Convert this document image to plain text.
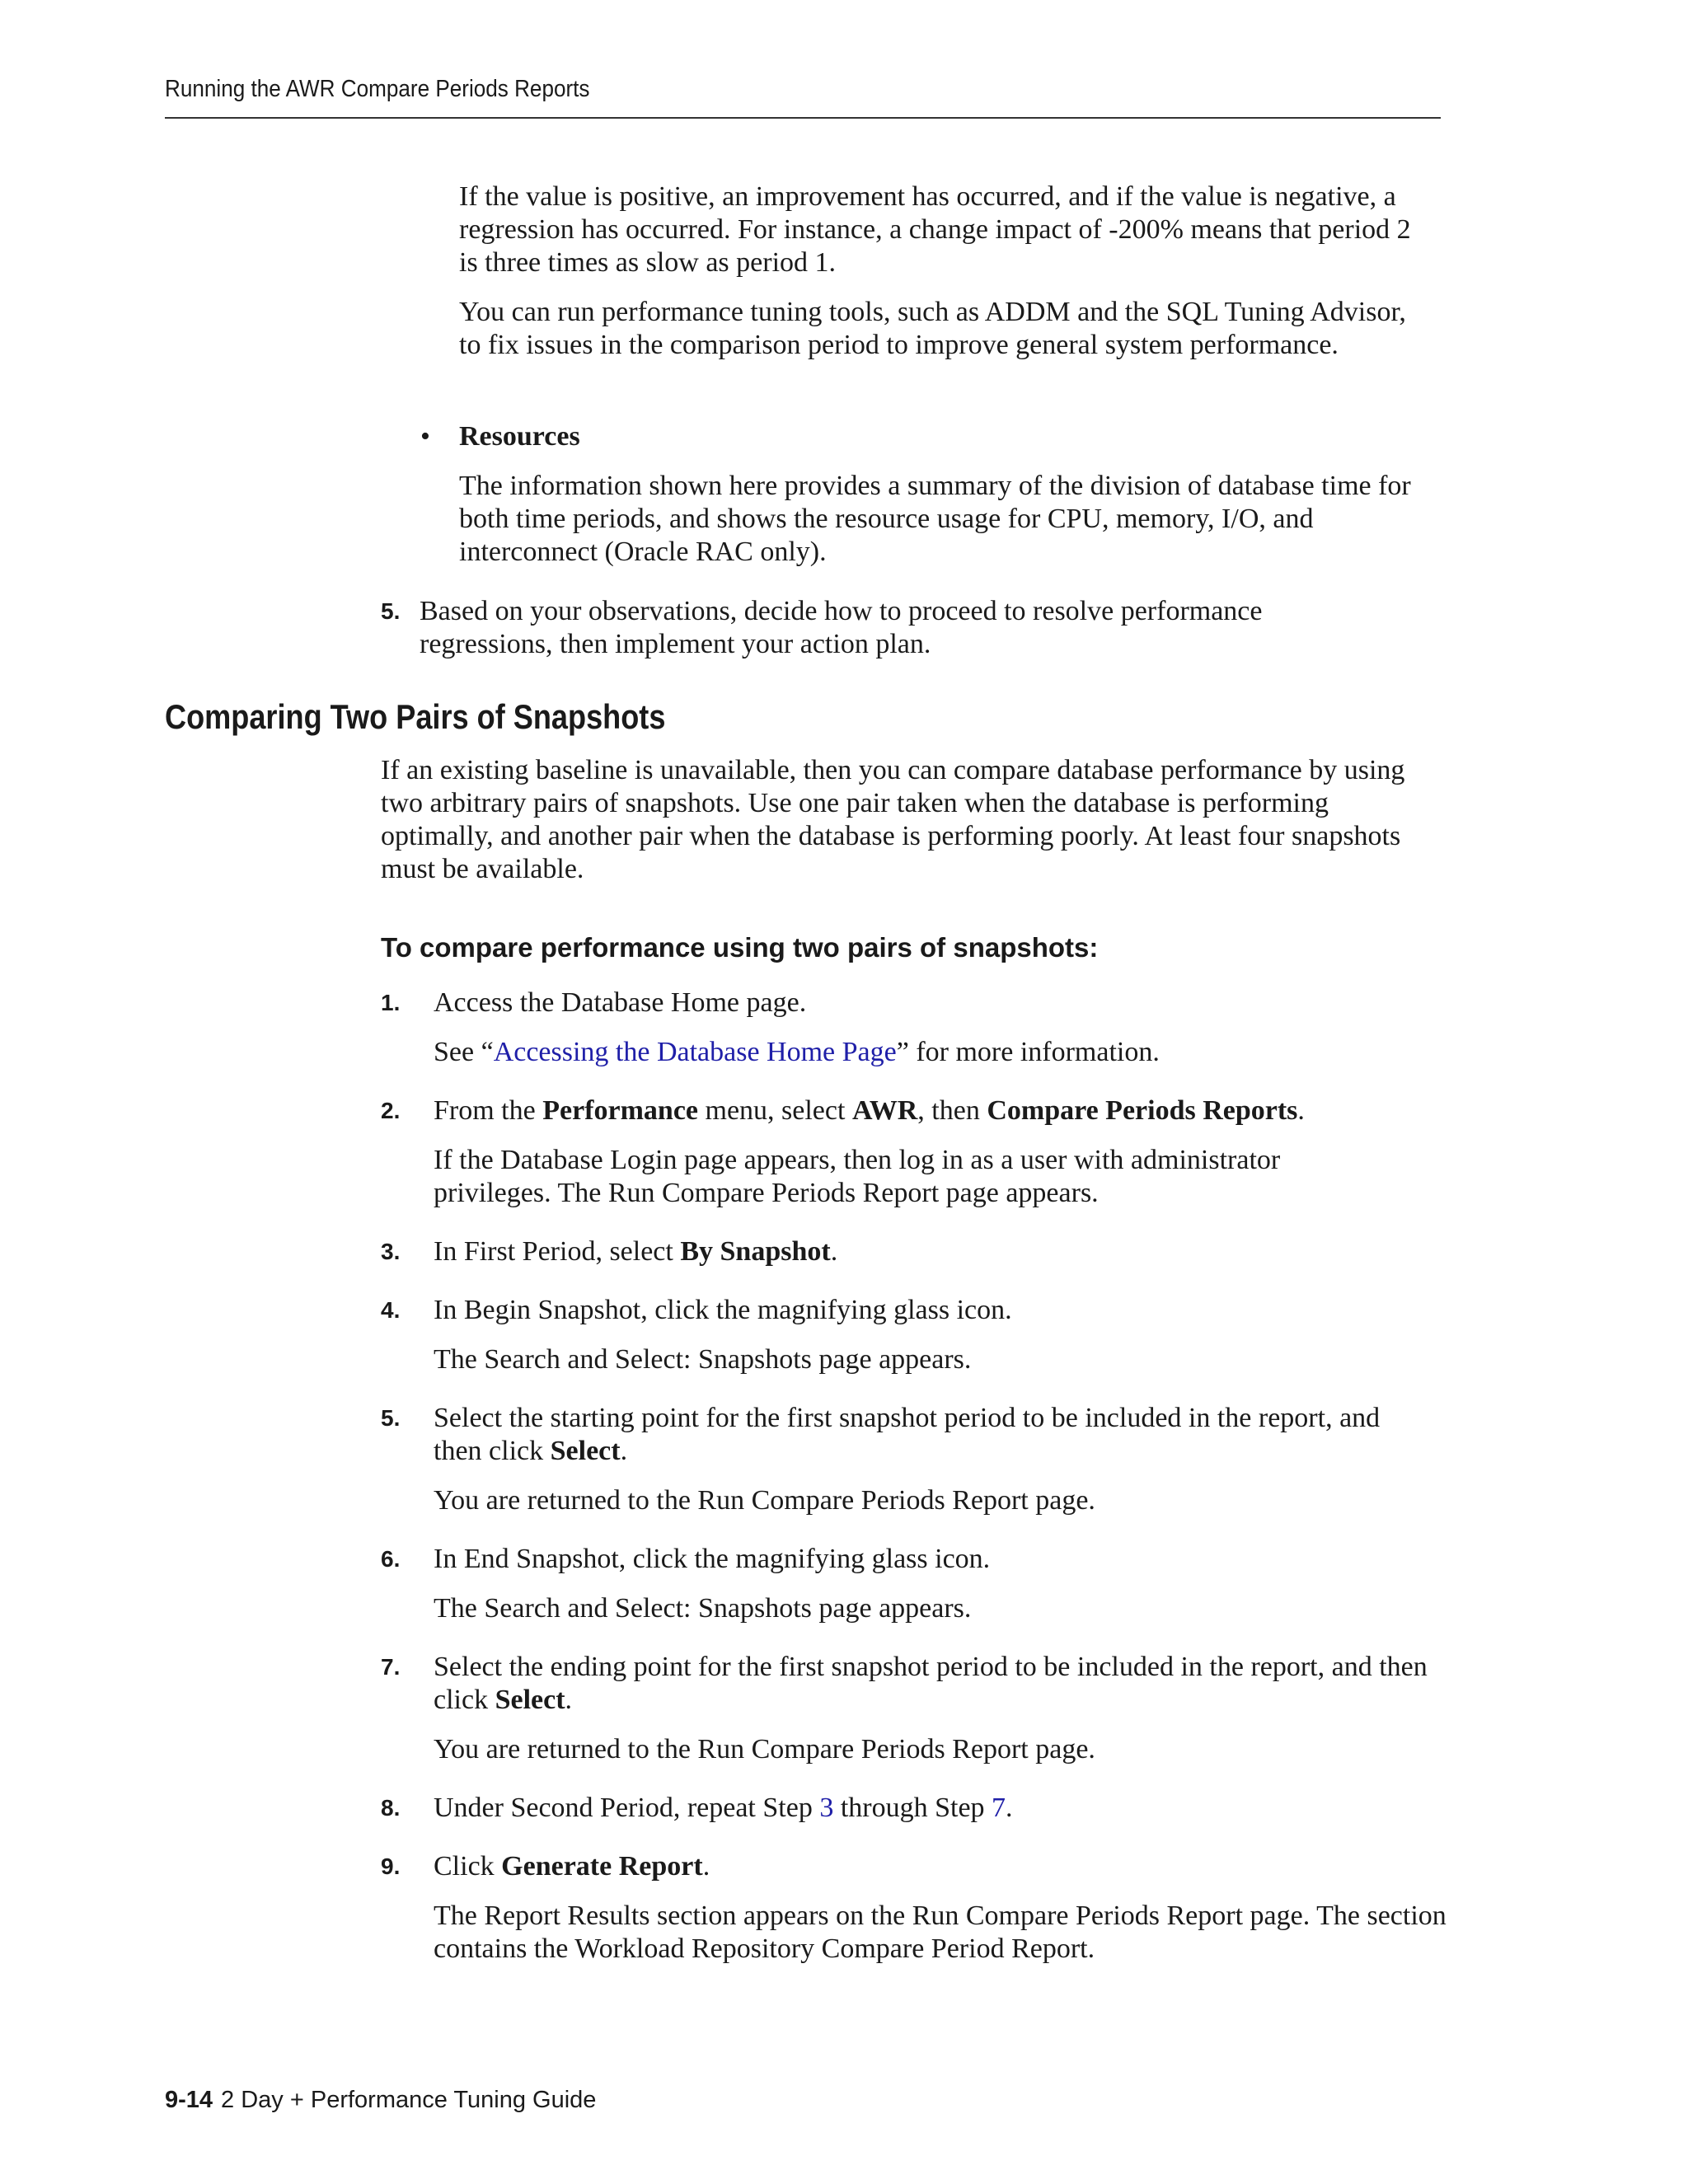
Running the AWR Compare Periods Reports

If the value is positive, an improvement has occurred, and if the value is negative, a regression has occurred. For instance, a change impact of -200% means that period 2 is three times as slow as period 1.

You can run performance tuning tools, such as ADDM and the SQL Tuning Advisor, to fix issues in the comparison period to improve general system performance.

• Resources

The information shown here provides a summary of the division of database time for both time periods, and shows the resource usage for CPU, memory, I/O, and interconnect (Oracle RAC only).

5. Based on your observations, decide how to proceed to resolve performance regressions, then implement your action plan.

Comparing Two Pairs of Snapshots

If an existing baseline is unavailable, then you can compare database performance by using two arbitrary pairs of snapshots. Use one pair taken when the database is performing optimally, and another pair when the database is performing poorly. At least four snapshots must be available.

To compare performance using two pairs of snapshots:

1. Access the Database Home page.

See “Accessing the Database Home Page” for more information.

2. From the Performance menu, select AWR, then Compare Periods Reports.

If the Database Login page appears, then log in as a user with administrator privileges. The Run Compare Periods Report page appears.

3. In First Period, select By Snapshot.

4. In Begin Snapshot, click the magnifying glass icon.

The Search and Select: Snapshots page appears.

5. Select the starting point for the first snapshot period to be included in the report, and then click Select.

You are returned to the Run Compare Periods Report page.

6. In End Snapshot, click the magnifying glass icon.

The Search and Select: Snapshots page appears.

7. Select the ending point for the first snapshot period to be included in the report, and then click Select.

You are returned to the Run Compare Periods Report page.

8. Under Second Period, repeat Step 3 through Step 7.

9. Click Generate Report.

The Report Results section appears on the Run Compare Periods Report page. The section contains the Workload Repository Compare Period Report.

9-14 2 Day + Performance Tuning Guide
